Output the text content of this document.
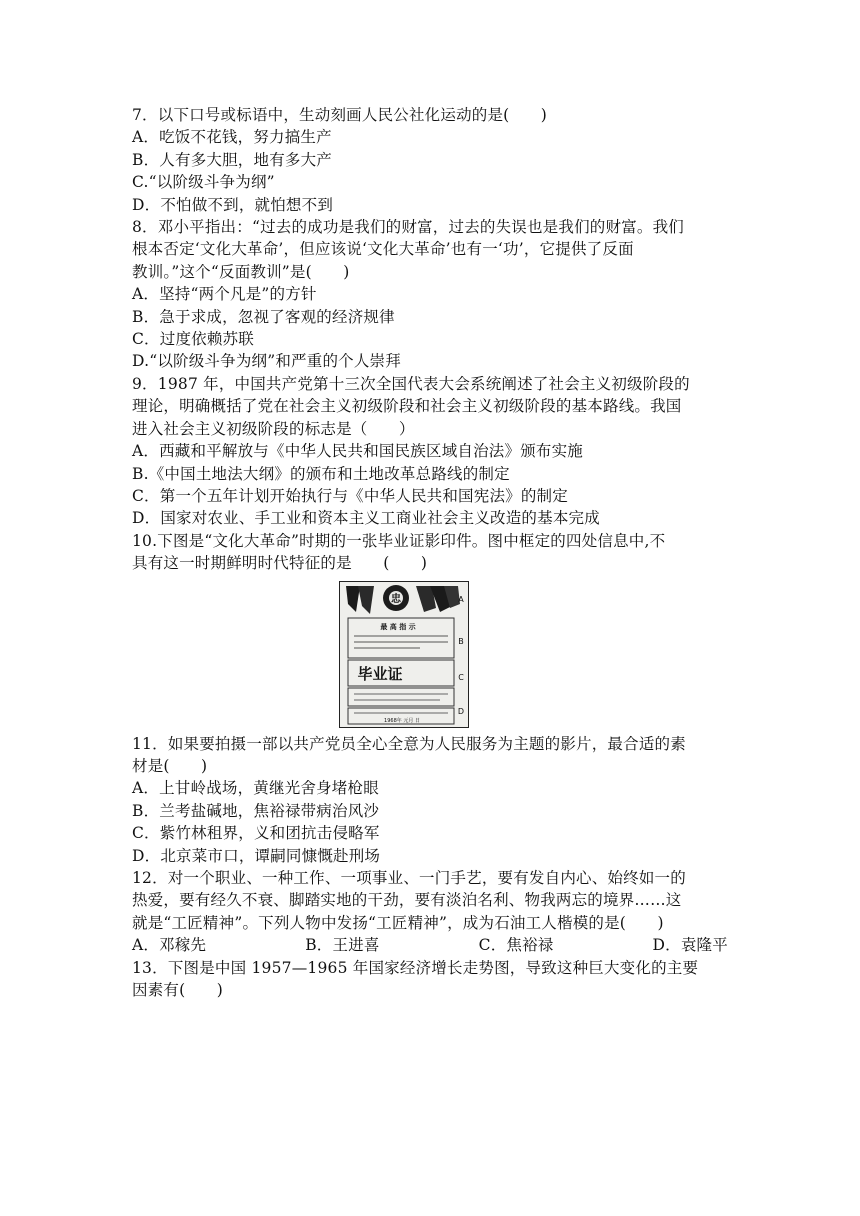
7．以下口号或标语中，生动刻画人民公社化运动的是(　　)
A．吃饭不花钱，努力搞生产
B．人有多大胆，地有多大产
C.“以阶级斗争为纲”
D．不怕做不到，就怕想不到
8．邓小平指出：“过去的成功是我们的财富，过去的失误也是我们的财富。我们
根本否定‘文化大革命’，但应该说‘文化大革命’也有一‘功’，它提供了反面
教训。”这个“反面教训”是(　　)
A．坚持“两个凡是”的方针
B．急于求成，忽视了客观的经济规律
C．过度依赖苏联
D.“以阶级斗争为纲”和严重的个人崇拜
9．1987 年，中国共产党第十三次全国代表大会系统阐述了社会主义初级阶段的
理论，明确概括了党在社会主义初级阶段和社会主义初级阶段的基本路线。我国
进入社会主义初级阶段的标志是（　　）
A．西藏和平解放与《中华人民共和国民族区域自治法》颁布实施
B.《中国土地法大纲》的颁布和土地改革总路线的制定
C．第一个五年计划开始执行与《中华人民共和国宪法》的制定
D．国家对农业、手工业和资本主义工商业社会主义改造的基本完成
10.下图是“文化大革命”时期的一张毕业证影印件。图中框定的四处信息中,不
具有这一时期鲜明时代特征的是　　(　　)
11．如果要拍摄一部以共产党员全心全意为人民服务为主题的影片，最合适的素
材是(　　)
A．上甘岭战场，黄继光舍身堵枪眼
B．兰考盐碱地，焦裕禄带病治风沙
C．紫竹林租界，义和团抗击侵略军
D．北京菜市口，谭嗣同慷慨赴刑场
12．对一个职业、一种工作、一项事业、一门手艺，要有发自内心、始终如一的
热爱，要有经久不衰、脚踏实地的干劲，要有淡泊名利、物我两忘的境界……这
就是“工匠精神”。下列人物中发扬“工匠精神”，成为石油工人楷模的是(　　)
A．邓稼先	B．王进喜	C．焦裕禄	D．袁隆平
13．下图是中国 1957—1965 年国家经济增长走势图，导致这种巨大变化的主要
因素有(　　)
忠
最 高 指 示
毕业证
1968年 元月 日
A
B
C
D
